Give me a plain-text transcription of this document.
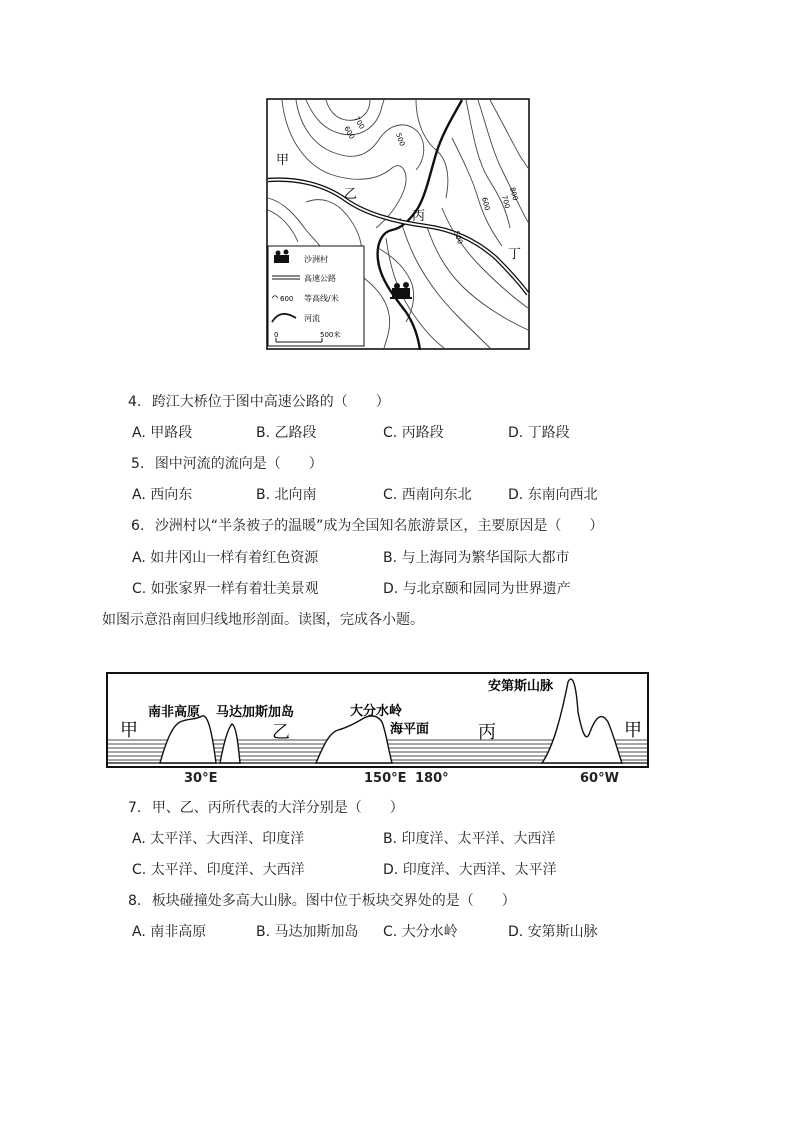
甲
乙
丙
丁
700
600	500
800
700
600
500
沙洲村
高速公路
600 等高线/米
河流
0	500米
4. 跨江大桥位于图中高速公路的（　　）
A. 甲路段	B. 乙路段	C. 丙路段	D. 丁路段
5. 图中河流的流向是（　　）
A. 西向东	B. 北向南	C. 西南向东北	D. 东南向西北
6. 沙洲村以“半条被子的温暖”成为全国知名旅游景区，主要原因是（　　）
A. 如井冈山一样有着红色资源	B. 与上海同为繁华国际大都市
C. 如张家界一样有着壮美景观	D. 与北京颐和园同为世界遗产
如图示意沿南回归线地形剖面。读图，完成各小题。
南非高原 马达加斯加岛	大分水岭
海平面
安第斯山脉
甲	乙	丙	甲
30°E	150°E 180°	60°W
7. 甲、乙、丙所代表的大洋分别是（　　）
A. 太平洋、大西洋、印度洋	B. 印度洋、太平洋、大西洋
C. 太平洋、印度洋、大西洋	D. 印度洋、大西洋、太平洋
8. 板块碰撞处多高大山脉。图中位于板块交界处的是（　　）
A. 南非高原	B. 马达加斯加岛 C. 大分水岭	D. 安第斯山脉
